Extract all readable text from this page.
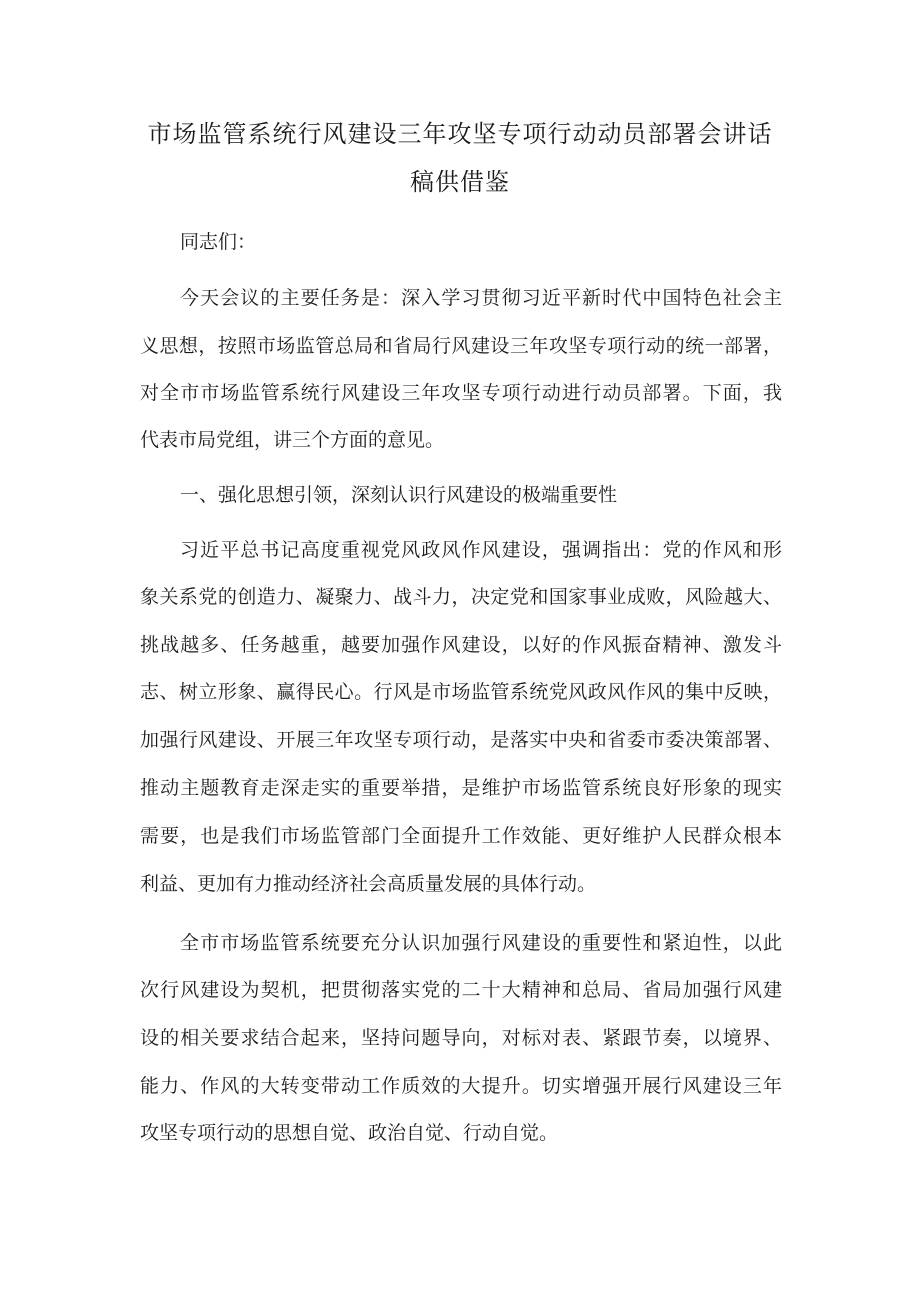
市场监管系统行风建设三年攻坚专项行动动员部署会讲话
稿供借鉴
同志们：
今天会议的主要任务是：深入学习贯彻习近平新时代中国特色社会主
义思想，按照市场监管总局和省局行风建设三年攻坚专项行动的统一部署，
对全市市场监管系统行风建设三年攻坚专项行动进行动员部署。下面，我
代表市局党组，讲三个方面的意见。
一、强化思想引领，深刻认识行风建设的极端重要性
习近平总书记高度重视党风政风作风建设，强调指出：党的作风和形
象关系党的创造力、凝聚力、战斗力，决定党和国家事业成败，风险越大、
挑战越多、任务越重，越要加强作风建设，以好的作风振奋精神、激发斗
志、树立形象、赢得民心。行风是市场监管系统党风政风作风的集中反映，
加强行风建设、开展三年攻坚专项行动，是落实中央和省委市委决策部署、
推动主题教育走深走实的重要举措，是维护市场监管系统良好形象的现实
需要，也是我们市场监管部门全面提升工作效能、更好维护人民群众根本
利益、更加有力推动经济社会高质量发展的具体行动。
全市市场监管系统要充分认识加强行风建设的重要性和紧迫性，以此
次行风建设为契机，把贯彻落实党的二十大精神和总局、省局加强行风建
设的相关要求结合起来，坚持问题导向，对标对表、紧跟节奏，以境界、
能力、作风的大转变带动工作质效的大提升。切实增强开展行风建设三年
攻坚专项行动的思想自觉、政治自觉、行动自觉。
